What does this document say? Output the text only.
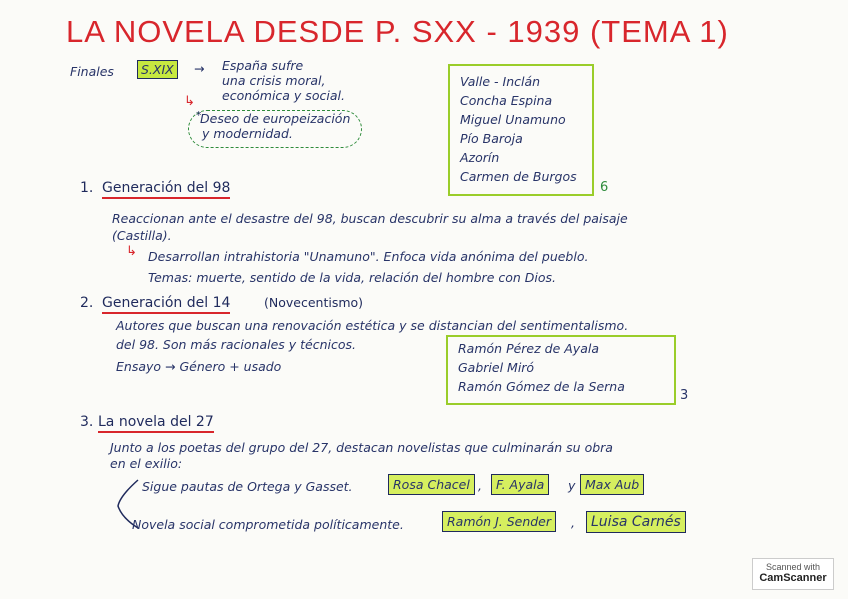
LA NOVELA DESDE P. SXX - 1939 (TEMA 1)
Finales	S.XIX	→ España sufre
una crisis moral,
económica y social.
↳
Deseo de europeización
y modernidad.
*
Valle - Inclán
Concha Espina
Miguel Unamuno
Pío Baroja
Azorín
Carmen de Burgos
6
1. Generación del 98
Reaccionan ante el desastre del 98, buscan descubrir su alma a través del paisaje
(Castilla).
↳ Desarrollan intrahistoria "Unamuno". Enfoca vida anónima del pueblo.
Temas: muerte, sentido de la vida, relación del hombre con Dios.
2. Generación del 14	(Novecentismo)
Autores que buscan una renovación estética y se distancian del sentimentalismo.
del 98. Son más racionales y técnicos.
Ensayo → Género + usado
Ramón Pérez de Ayala
Gabriel Miró
Ramón Gómez de la Serna
3
3. La novela del 27
Junto a los poetas del grupo del 27, destacan novelistas que culminarán su obra
en el exilio:
Sigue pautas de Ortega y Gasset.	Rosa Chacel ,	F. Ayala	y Max Aub
Novela social comprometida políticamente.	Ramón J. Sender	,	Luisa Carnés
Scanned with
CamScanner
